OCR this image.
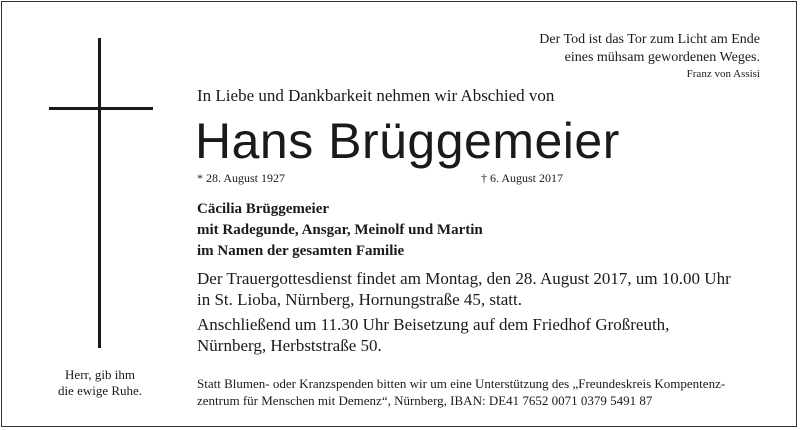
Der Tod ist das Tor zum Licht am Ende
eines mühsam gewordenen Weges.
Franz von Assisi
In Liebe und Dankbarkeit nehmen wir Abschied von
Hans Brüggemeier
* 28. August 1927	† 6. August 2017
Cäcilia Brüggemeier
mit Radegunde, Ansgar, Meinolf und Martin
im Namen der gesamten Familie
Der Trauergottesdienst findet am Montag, den 28. August 2017, um 10.00 Uhr
in St. Lioba, Nürnberg, Hornungstraße 45, statt.
Anschließend um 11.30 Uhr Beisetzung auf dem Friedhof Großreuth,
Nürnberg, Herbststraße 50.
Herr, gib ihm
die ewige Ruhe.	Statt Blumen- oder Kranzspenden bitten wir um eine Unterstützung des „Freundeskreis Kompentenz-
zentrum für Menschen mit Demenz“, Nürnberg, IBAN: DE41 7652 0071 0379 5491 87
